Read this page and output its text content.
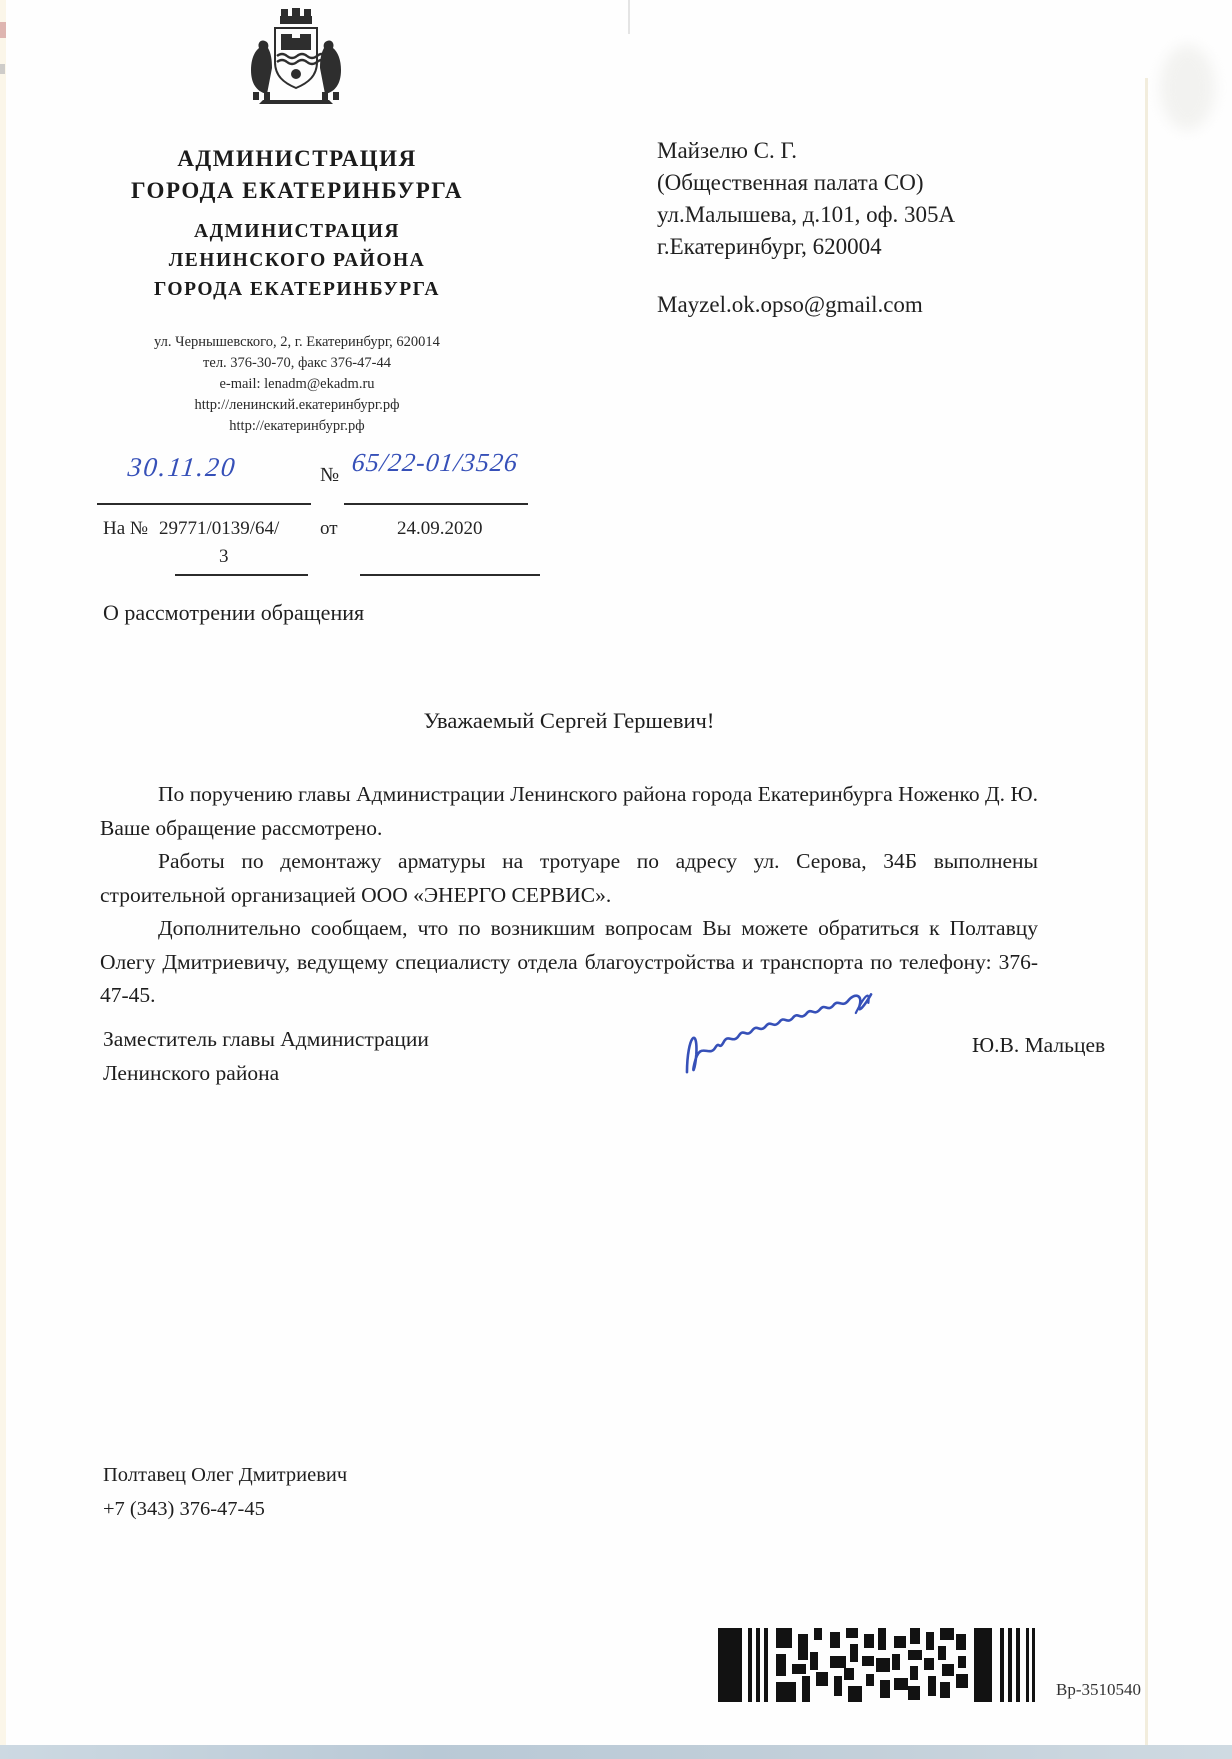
АДМИНИСТРАЦИЯ
ГОРОДА ЕКАТЕРИНБУРГА
АДМИНИСТРАЦИЯ
ЛЕНИНСКОГО РАЙОНА
ГОРОДА ЕКАТЕРИНБУРГА
ул. Чернышевского, 2, г. Екатеринбург, 620014
тел. 376-30-70, факс 376-47-44
e-mail: lenadm@ekadm.ru
http://ленинский.екатеринбург.рф
http://екатеринбург.рф
30.11.20	№ 65/22-01/3526
На № 29771/0139/64/
3
от	24.09.2020
Майзелю С. Г.
(Общественная палата СО)
ул.Малышева, д.101, оф. 305А
г.Екатеринбург, 620004
Mayzel.ok.opso@gmail.com
О рассмотрении обращения
Уважаемый Сергей Гершевич!

По поручению главы Администрации Ленинского района города Екатеринбурга Ноженко Д. Ю. Ваше обращение рассмотрено.

Работы по демонтажу арматуры на тротуаре по адресу ул. Серова, 34Б выполнены строительной организацией ООО «ЭНЕРГО СЕРВИС».

Дополнительно сообщаем, что по возникшим вопросам Вы можете обратиться к Полтавцу Олегу Дмитриевичу, ведущему специалисту отдела благоустройства и транспорта по телефону: 376-47-45.

Заместитель главы Администрации
Ленинского района
Ю.В. Мальцев
Полтавец Олег Дмитриевич
+7 (343) 376-47-45
Вр-3510540
